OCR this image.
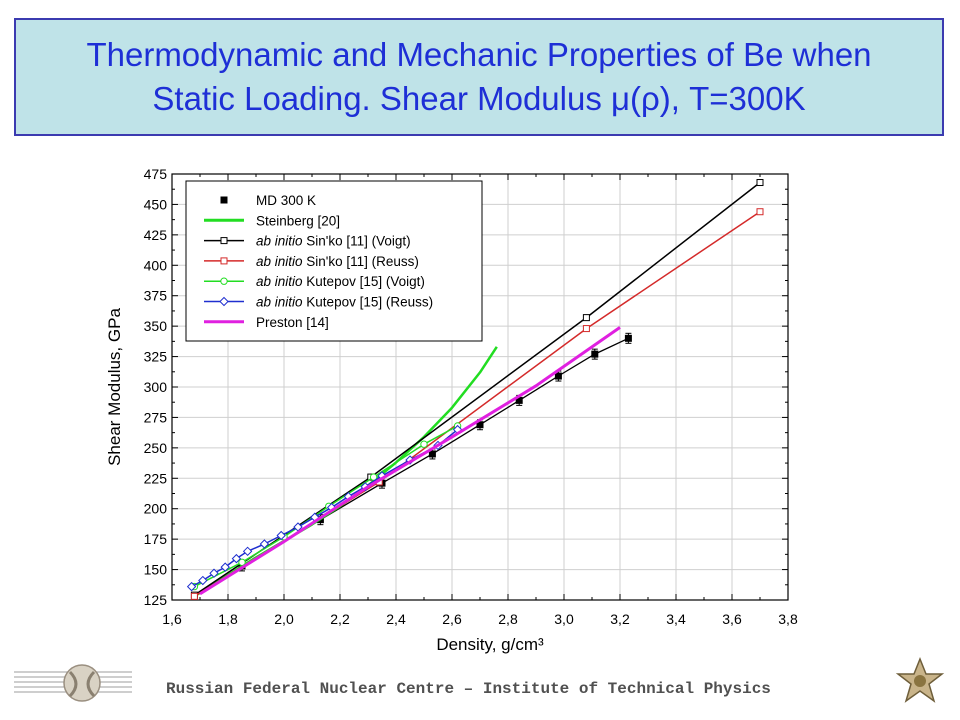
Thermodynamic and Mechanic Properties of Be when
Static Loading. Shear Modulus μ(ρ), T=300K
1,6	1,8	2,0	2,2	2,4	2,6	2,8	3,0	3,2	3,4	3,6	3,8
125
150
175
200
225
250
275
300
325
350
375
400
425
450
475
Density, g/cm³
Shear Modulus, GPa
MD 300 K
Steinberg [20]
ab initio Sin'ko [11] (Voigt)
ab initio Sin'ko [11] (Reuss)
ab initio Kutepov [15] (Voigt)
ab initio Kutepov [15] (Reuss)
Preston [14]
Russian Federal Nuclear Centre – Institute of Technical Physics
